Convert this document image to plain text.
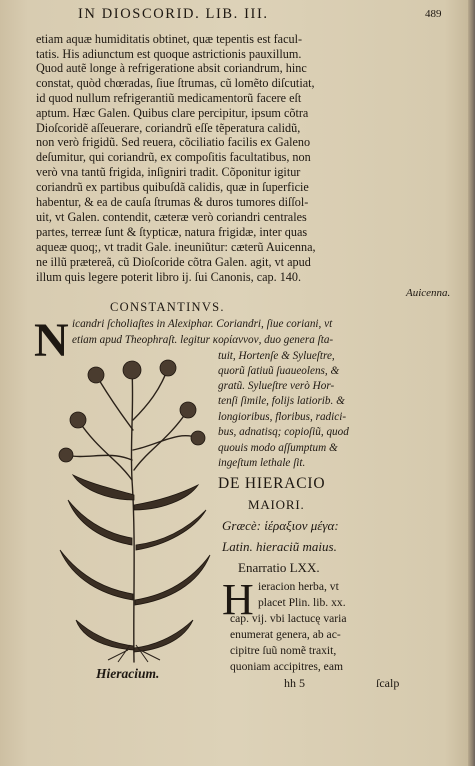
IN DIOSCORID. LIB. III.	489
etiam aquæ humiditatis obtinet, quæ tepentis est facul-
tatis. His adiunctum est quoque astrictionis pauxillum.
Quod autẽ longe à refrigeratione absit coriandrum, hinc
constat, quòd chœradas, ſiue ſtrumas, cũ lomẽto diſcutiat,
id quod nullum refrigerantiũ medicamentorũ facere eſt
aptum. Hæc Galen. Quibus clare percipitur, ipsum cõtra
Dioſcoridẽ aſſeuerare, coriandrũ eſſe tẽperatura calidũ,
non verò frigidũ. Sed reuera, cõciliatio facilis ex Galeno
deſumitur, qui coriandrũ, ex compoſitis facultatibus, non
verò vna tantũ frigida, inſigniri tradit. Cõponitur igitur
coriandrũ ex partibus quibuſdã calidis, quæ in ſuperficie
habentur, & ea de cauſa ſtrumas & duros tumores diſſol-
uit, vt Galen. contendit, cæteræ verò coriandri centrales
partes, terreæ ſunt & ſtypticæ, natura frigidæ, inter quas
aqueæ quoq;, vt tradit Gale. ineuniũtur: cæterũ Auicenna,
ne illũ prætereã, cũ Dioſcoride cõtra Galen. agit, vt apud
illum quis legere poterit libro ij. ſui Canonis, cap. 140.
Auicenna.
CONSTANTINVS.
N icandri ſcholiaſtes in Alexiphar. Coriandri, ſiue coriani, vt
etiam apud Theophraſt. legitur κορίαννον, duo genera ſta-
tuit, Hortenſe & Sylueſtre,
quorũ ſatiuũ ſuaueolens, &
gratũ. Sylueſtre verò Hor-
tenſi ſimile, folijs latiorib. &
longioribus, floribus, radici-
bus, adnatisq; copioſiũ, quod
quouis modo aſſumptum &
ingeſtum lethale ſit.
DE HIERACIO
MAIORI.
Græcè: ἱέραξιον μέγα:
Latin. hieraciũ maius.
Enarratio LXX.
H ieracion herba, vt
placet Plin. lib. xx.
cap. vij. vbi lactucę varia
enumerat genera, ab ac-
cipitre ſuũ nomẽ traxit,
quoniam accipitres, eam
hh 5	ſcalp
Hieracium.
